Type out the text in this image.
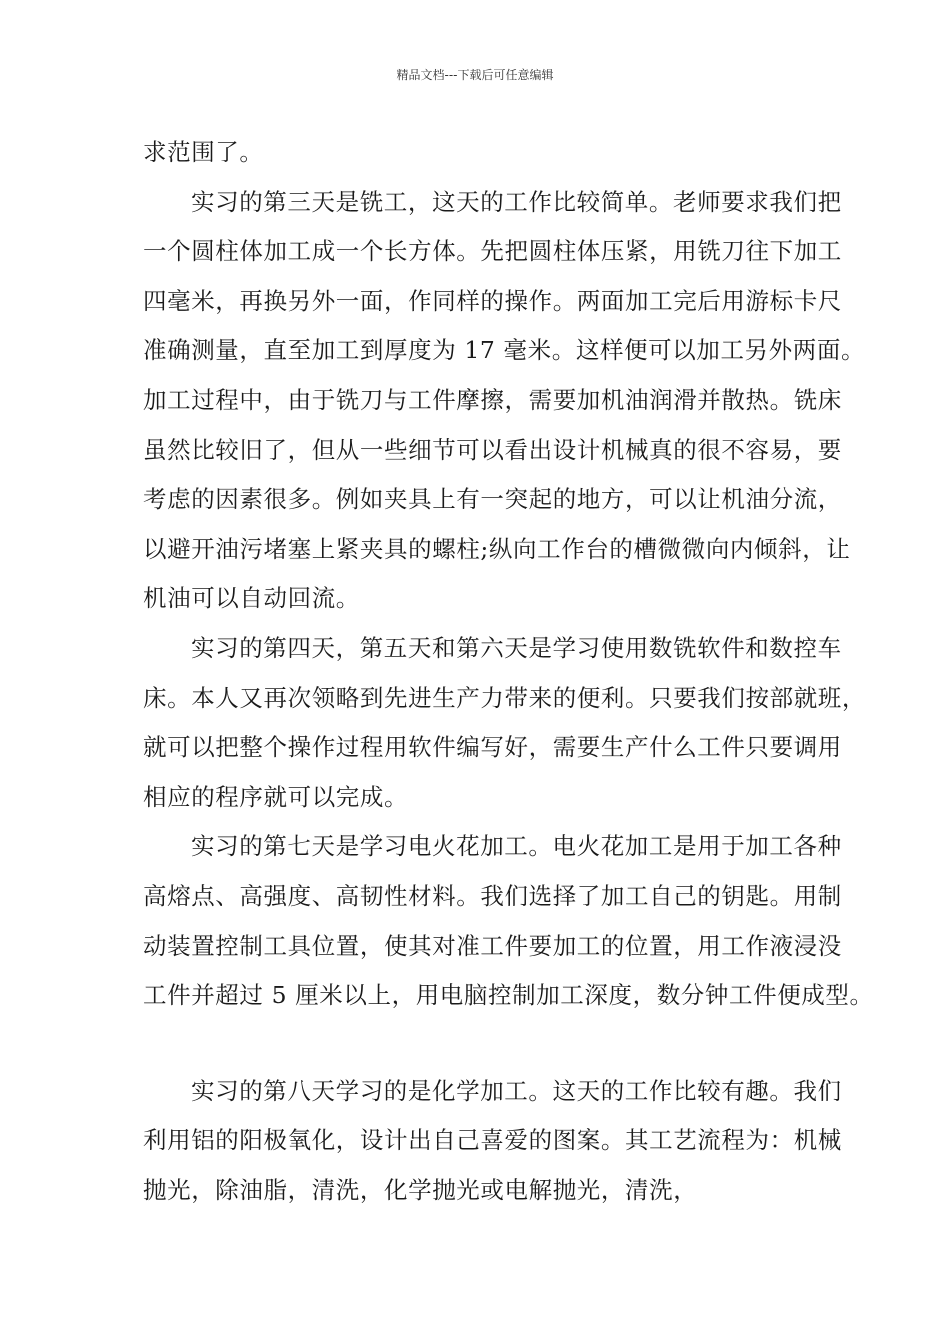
精品文档---下载后可任意编辑

求范围了。

实习的第三天是铣工，这天的工作比较简单。老师要求我们把
一个圆柱体加工成一个长方体。先把圆柱体压紧，用铣刀往下加工
四毫米，再换另外一面，作同样的操作。两面加工完后用游标卡尺
准确测量，直至加工到厚度为 17 毫米。这样便可以加工另外两面。
加工过程中，由于铣刀与工件摩擦，需要加机油润滑并散热。铣床
虽然比较旧了，但从一些细节可以看出设计机械真的很不容易，要
考虑的因素很多。例如夹具上有一突起的地方，可以让机油分流，
以避开油污堵塞上紧夹具的螺柱;纵向工作台的槽微微向内倾斜，让
机油可以自动回流。

实习的第四天，第五天和第六天是学习使用数铣软件和数控车
床。本人又再次领略到先进生产力带来的便利。只要我们按部就班，
就可以把整个操作过程用软件编写好，需要生产什么工件只要调用
相应的程序就可以完成。

实习的第七天是学习电火花加工。电火花加工是用于加工各种
高熔点、高强度、高韧性材料。我们选择了加工自己的钥匙。用制
动装置控制工具位置，使其对准工件要加工的位置，用工作液浸没
工件并超过 5 厘米以上，用电脑控制加工深度，数分钟工件便成型。

实习的第八天学习的是化学加工。这天的工作比较有趣。我们
利用铝的阳极氧化，设计出自己喜爱的图案。其工艺流程为：机械
抛光，除油脂，清洗，化学抛光或电解抛光，清洗，
